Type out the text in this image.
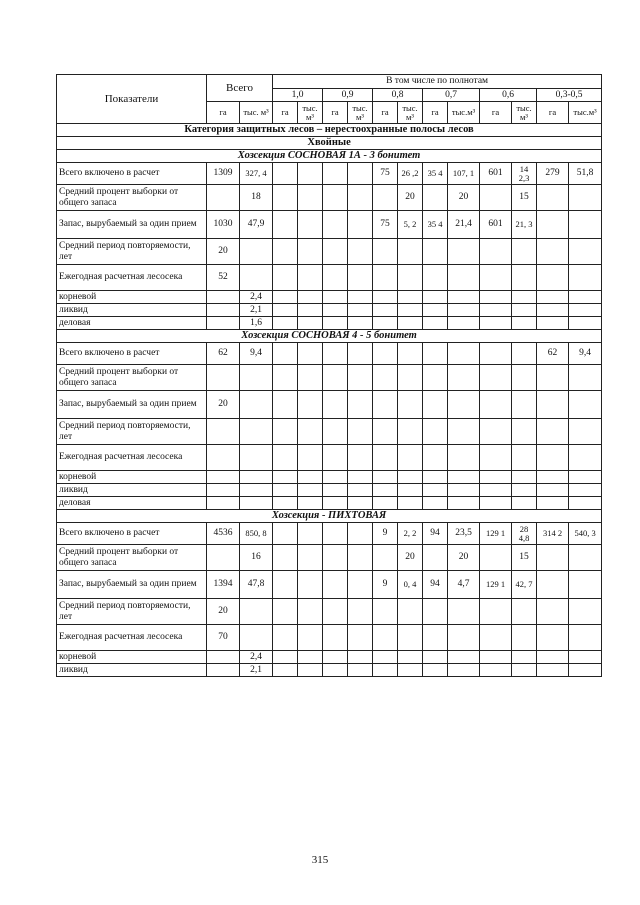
Показатели	Всего		В том числе по полнотам											
			1,0		0,9		0,8		0,7		0,6		0,3-0,5	
	га	тыс. м³	га	тыс. м³	га	тыс. м³	га	тыс. м³	га	тыс.м³	га	тыс. м³	га	тыс.м³
Категория защитных лесов – нерестоохранные полосы лесов														
Хвойные														
Хозсекция СОСНОВАЯ 1А - 3 бонитет														
Всего включено в расчет	1309	327, 4					75	26 ,2	35 4	107, 1	601	14 2,3	279	51,8
Средний процент выборки от общего запаса		18						20		20		15		
Запас, вырубаемый за один прием	1030	47,9					75	5, 2	35 4	21,4	601	21, 3		
Средний период повторяемости, лет	20													
Ежегодная расчетная лесосека	52													
корневой		2,4												
ликвид		2,1												
деловая		1,6												
Хозсекция СОСНОВАЯ 4 - 5 бонитет														
Всего включено в расчет	62	9,4											62	9,4
Средний процент выборки от общего запаса														
Запас, вырубаемый за один прием	20													
Средний период повторяемости, лет														
Ежегодная расчетная лесосека														
корневой														
ликвид														
деловая														
Хозсекция - ПИХТОВАЯ														
Всего включено в расчет	4536	850, 8					9	2, 2	94	23,5	129 1	28 4,8	314 2	540, 3
Средний процент выборки от общего запаса		16						20		20		15		
Запас, вырубаемый за один прием	1394	47,8					9	0, 4	94	4,7	129 1	42, 7		
Средний период повторяемости, лет	20													
Ежегодная расчетная лесосека	70													
корневой		2,4												
ликвид		2,1												
315
